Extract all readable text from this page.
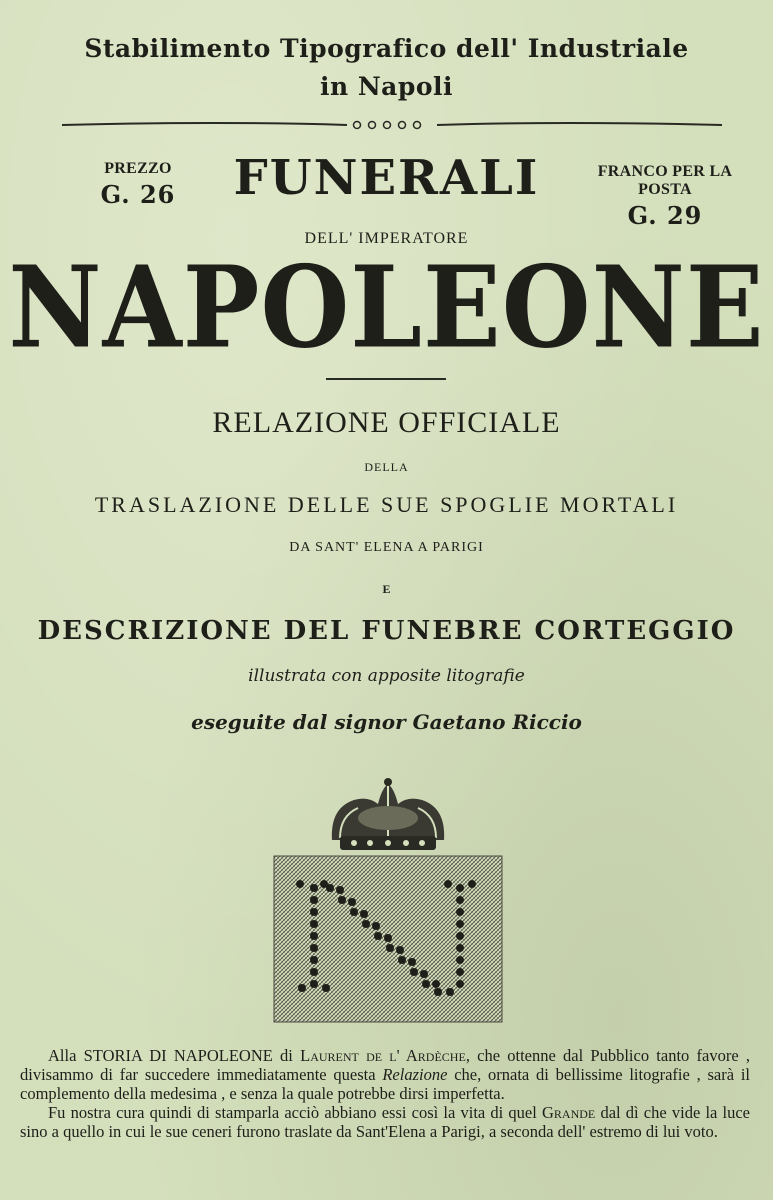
Stabilimento Tipografico dell' Industriale
in Napoli
PREZZO
G. 26	FUNERALI	FRANCO PER LA POSTA
G. 29
DELL' IMPERATORE
NAPOLEONE
RELAZIONE OFFICIALE
DELLA
TRASLAZIONE DELLE SUE SPOGLIE MORTALI
DA SANT' ELENA A PARIGI
E
DESCRIZIONE DEL FUNEBRE CORTEGGIO
illustrata con apposite litografie
eseguite dal signor Gaetano Riccio

Alla STORIA DI NAPOLEONE di Laurent de l' Ardèche, che ottenne dal Pubblico tanto favore , divisammo di far succedere immediatamente questa Relazione che, ornata di bellissime litografie , sarà il complemento della medesima , e senza la quale potrebbe dirsi imperfetta.

Fu nostra cura quindi di stamparla acciò abbiano essi così la vita di quel Grande dal dì che vide la luce sino a quello in cui le sue ceneri furono traslate da Sant'Elena a Parigi, a seconda dell' estremo di lui voto.
